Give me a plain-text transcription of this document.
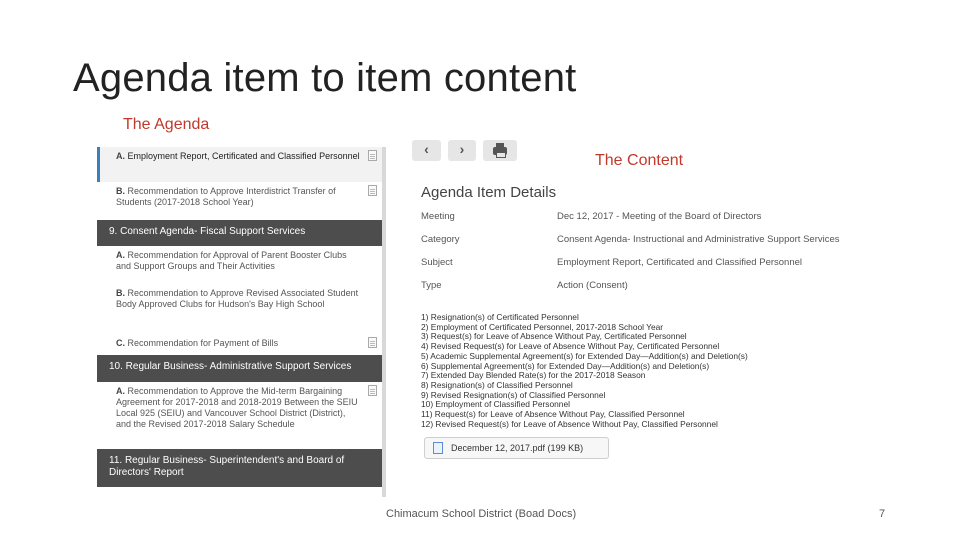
Agenda item to item content
The Agenda
The Content
A. Employment Report, Certificated and Classified Personnel
B. Recommendation to Approve Interdistrict Transfer of Students (2017-2018 School Year)
9. Consent Agenda- Fiscal Support Services
A. Recommendation for Approval of Parent Booster Clubs and Support Groups and Their Activities
B. Recommendation to Approve Revised Associated Student Body Approved Clubs for Hudson's Bay High School
C. Recommendation for Payment of Bills
10. Regular Business- Administrative Support Services
A. Recommendation to Approve the Mid-term Bargaining Agreement for 2017-2018 and 2018-2019 Between the SEIU Local 925 (SEIU) and Vancouver School District (District), and the Revised 2017-2018 Salary Schedule
11. Regular Business- Superintendent's and Board of Directors' Report
‹	›
Agenda Item Details
Meeting	Dec 12, 2017 - Meeting of the Board of Directors
Category	Consent Agenda- Instructional and Administrative Support Services
Subject	Employment Report, Certificated and Classified Personnel
Type	Action (Consent)
1) Resignation(s) of Certificated Personnel
2) Employment of Certificated Personnel, 2017-2018 School Year
3) Request(s) for Leave of Absence Without Pay, Certificated Personnel
4) Revised Request(s) for Leave of Absence Without Pay, Certificated Personnel
5) Academic Supplemental Agreement(s) for Extended Day—Addition(s) and Deletion(s)
6) Supplemental Agreement(s) for Extended Day—Addition(s) and Deletion(s)
7) Extended Day Blended Rate(s) for the 2017-2018 Season
8) Resignation(s) of Classified Personnel
9) Revised Resignation(s) of Classified Personnel
10) Employment of Classified Personnel
11) Request(s) for Leave of Absence Without Pay, Classified Personnel
12) Revised Request(s) for Leave of Absence Without Pay, Classified Personnel
December 12, 2017.pdf (199 KB)
Chimacum School District (Boad Docs)	7
